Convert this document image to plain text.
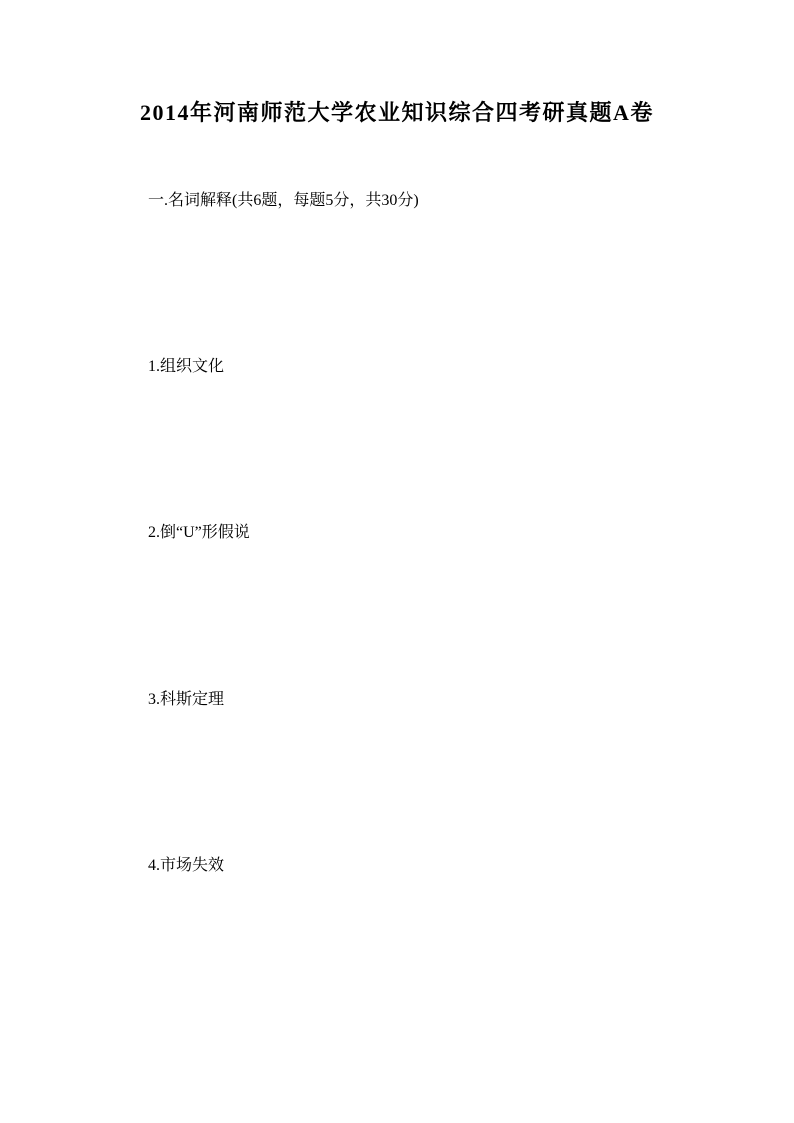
2014年河南师范大学农业知识综合四考研真题A卷
一.名词解释(共6题，每题5分，共30分)
1.组织文化
2.倒“U”形假说
3.科斯定理
4.市场失效
